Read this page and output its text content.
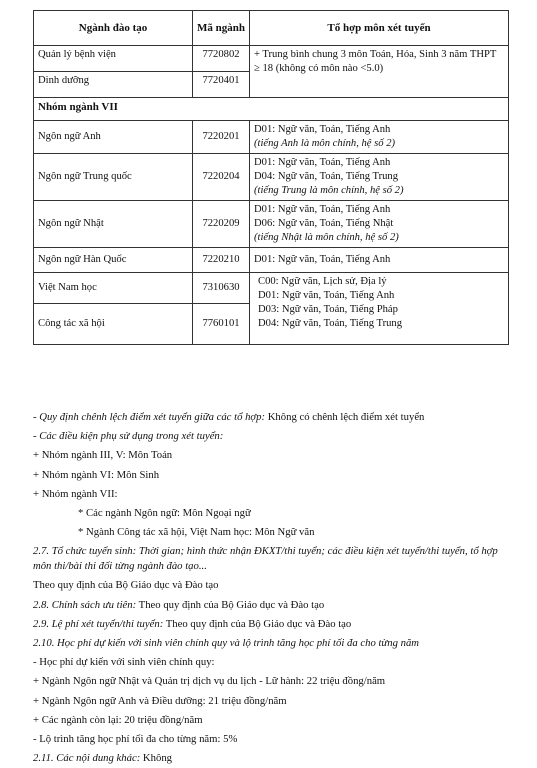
Ngành đào tạo	Mã ngành	Tổ hợp môn xét tuyển
Quản lý bệnh viện	7720802	+ Trung bình chung 3 môn Toán, Hóa, Sinh 3 năm THPT ≥ 18 (không có môn nào <5.0)
Dinh dưỡng	7720401	
Nhóm ngành VII		
Ngôn ngữ Anh	7220201	D01: Ngữ văn, Toán, Tiếng Anh
(tiếng Anh là môn chính, hệ số 2)

Ngôn ngữ Trung quốc	7220204	D01: Ngữ văn, Toán, Tiếng Anh
D04: Ngữ văn, Toán, Tiếng Trung
(tiếng Trung là môn chính, hệ số 2)

Ngôn ngữ Nhật	7220209	D01: Ngữ văn, Toán, Tiếng Anh
D06: Ngữ văn, Toán, Tiếng Nhật
(tiếng Nhật là môn chính, hệ số 2)

Ngôn ngữ Hàn Quốc	7220210	D01: Ngữ văn, Toán, Tiếng Anh

Việt Nam học	7310630	C00: Ngữ văn, Lịch sử, Địa lý
D01: Ngữ văn, Toán, Tiếng Anh
D03: Ngữ văn, Toán, Tiếng Pháp
D04: Ngữ văn, Toán, Tiếng Trung

Công tác xã hội	7760101	
- Quy định chênh lệch điểm xét tuyển giữa các tổ hợp: Không có chênh lệch điểm xét tuyển
- Các điều kiện phụ sử dụng trong xét tuyển:
+ Nhóm ngành III, V: Môn Toán
+ Nhóm ngành VI: Môn Sinh
+ Nhóm ngành VII:
* Các ngành Ngôn ngữ: Môn Ngoại ngữ
* Ngành Công tác xã hội, Việt Nam học: Môn Ngữ văn
2.7. Tổ chức tuyển sinh: Thời gian; hình thức nhận ĐKXT/thi tuyển; các điều kiện xét tuyển/thi tuyển, tổ hợp môn thi/bài thi đối từng ngành đào tạo...
Theo quy định của Bộ Giáo dục và Đào tạo
2.8. Chính sách ưu tiên: Theo quy định của Bộ Giáo dục và Đào tạo
2.9. Lệ phí xét tuyển/thi tuyển: Theo quy định của Bộ Giáo dục và Đào tạo
2.10. Học phí dự kiến với sinh viên chính quy và lộ trình tăng học phí tối đa cho từng năm
- Học phí dự kiến với sinh viên chính quy:
+ Ngành Ngôn ngữ Nhật và Quản trị dịch vụ du lịch - Lữ hành: 22 triệu đồng/năm
+ Ngành Ngôn ngữ Anh và Điều dưỡng: 21 triệu đồng/năm
+ Các ngành còn lại: 20 triệu đồng/năm
- Lộ trình tăng học phí tối đa cho từng năm: 5%
2.11. Các nội dung khác: Không
